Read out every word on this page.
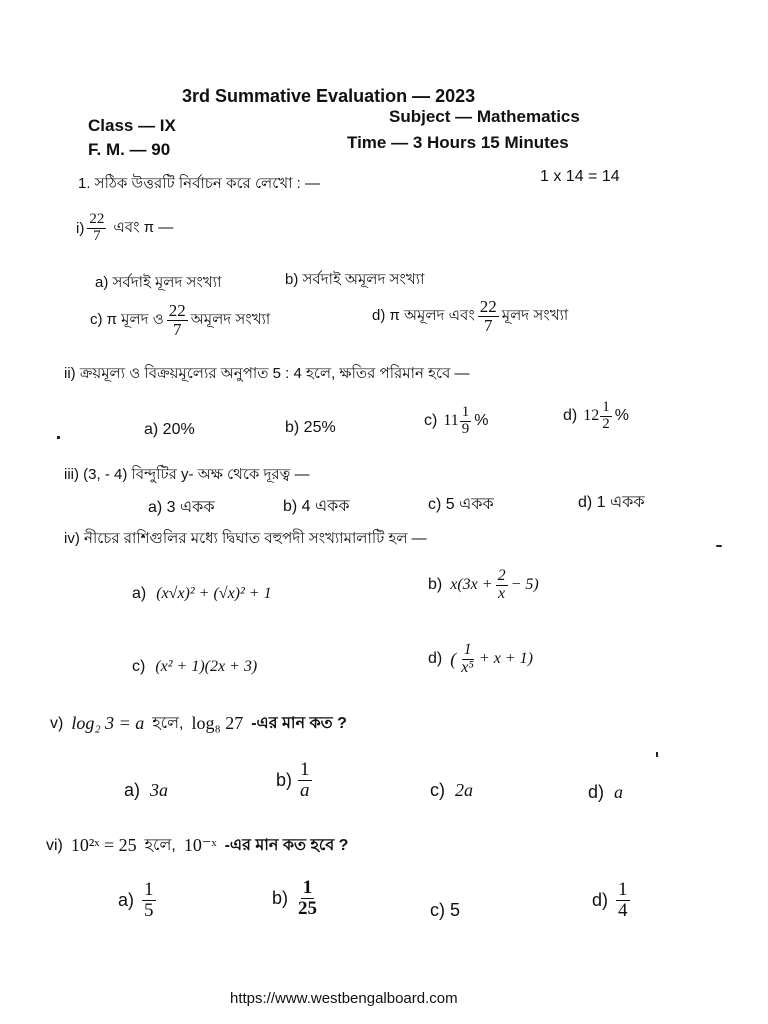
3rd Summative Evaluation — 2023
Class — IX	Subject — Mathematics
F. M. — 90	Time — 3 Hours 15 Minutes
1. সঠিক উত্তরটি নির্বাচন করে লেখো : —	1 x 14 = 14
$i) \frac{22}{7}$ এবং π —
a) সর্বদাই মূলদ সংখ্যা	b) সর্বদাই অমূলদ সংখ্যা
c) π মূলদ ও $\frac{22}{7}$ অমূলদ সংখ্যা	d) π অমূলদ এবং $\frac{22}{7}$ মূলদ সংখ্যা
ii) ক্রয়মূল্য ও বিক্রয়মূল্যের অনুপাত 5 : 4 হলে, ক্ষতির পরিমান হবে —
a) 20%	b) 25%	c) $11 \frac{1}{9}$ %	d) $12 \frac{1}{2}$ %
iii) (3, - 4) বিন্দুটির y- অক্ষ থেকে দূরত্ব —
a) 3 একক	b) 4 একক	c) 5 একক	d) 1 একক
iv) নীচের রাশিগুলির মধ্যে দ্বিঘাত বহুপদী সংখ্যামালাটি হল —
a) (x√x)² + (√x)² + 1
b) $x(3x + \frac{2}{x} - 5)$
c) (x² + 1)(2x + 3)	d) ( $\frac{1}{\text{x⁵}} + x + 1$)
v) log₂ 3 = a হলে, log₈ 27 -এর মান কত ?
a) 3a
$b) \frac{1}{a}$	c) 2a	d) a
vi) 10²ˣ = 25 হলে, 10⁻ˣ -এর মান কত হবে ?
$a) \frac{1}{5}$	$b) \frac{1}{25}$	c) 5
$d) \frac{1}{4}$
https://www.westbengalboard.com
